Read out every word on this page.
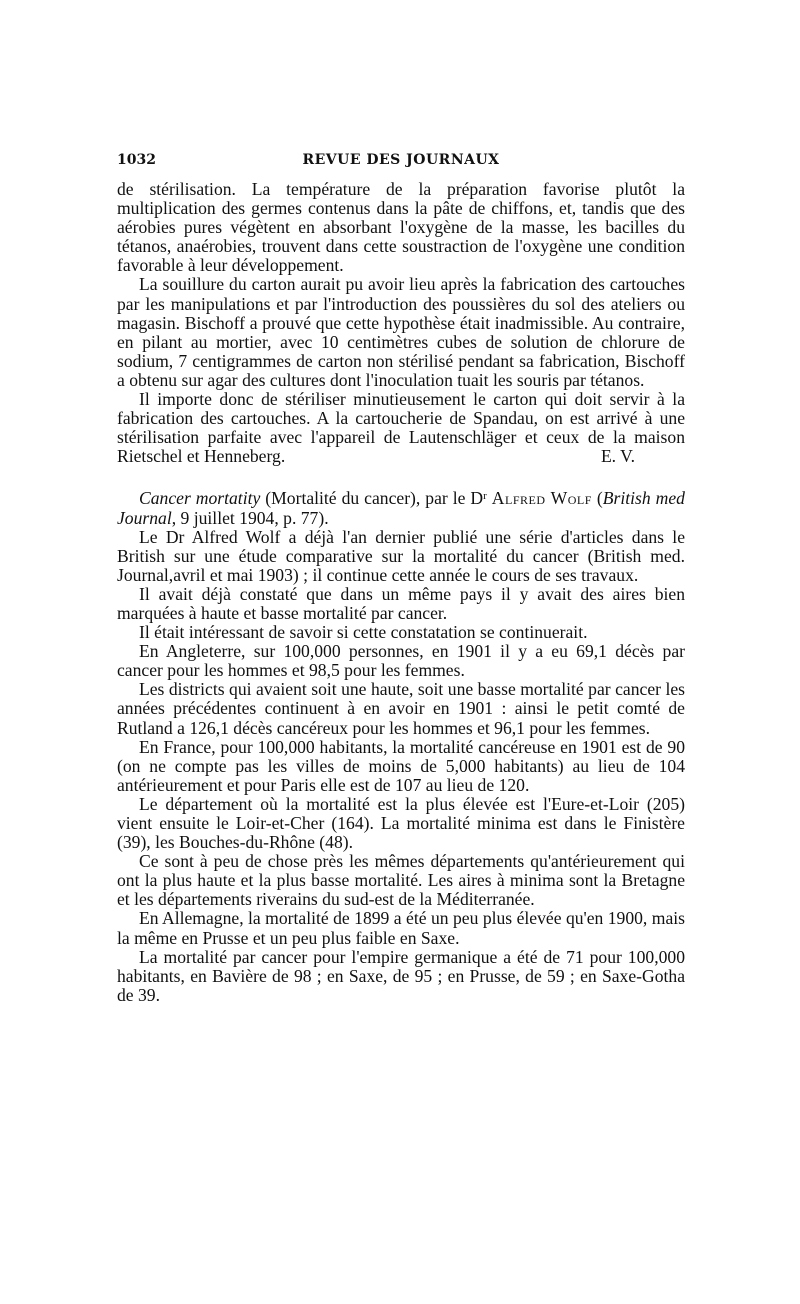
1032	REVUE DES JOURNAUX

de stérilisation. La température de la préparation favorise plutôt la multiplication des germes contenus dans la pâte de chiffons, et, tandis que des aérobies pures végètent en absorbant l'oxygène de la masse, les bacilles du tétanos, anaérobies, trouvent dans cette soustraction de l'oxygène une condition favorable à leur développement.

La souillure du carton aurait pu avoir lieu après la fabrication des cartouches par les manipulations et par l'introduction des poussières du sol des ateliers ou magasin. Bischoff a prouvé que cette hypothèse était inadmissible. Au contraire, en pilant au mortier, avec 10 centimètres cubes de solution de chlorure de sodium, 7 centigrammes de carton non stérilisé pendant sa fabrication, Bischoff a obtenu sur agar des cultures dont l'inoculation tuait les souris par tétanos.

Il importe donc de stériliser minutieusement le carton qui doit servir à la fabrication des cartouches. A la cartoucherie de Spandau, on est arrivé à une stérilisation parfaite avec l'appareil de Lautenschläger et ceux de la maison Rietschel et Henneberg.	E. V.

Cancer mortatity (Mortalité du cancer), par le $D^r$ Alfred Wolf (British med Journal, 9 juillet 1904, p. 77).

Le Dr Alfred Wolf a déjà l'an dernier publié une série d'articles dans le British sur une étude comparative sur la mortalité du cancer (British med. Journal,avril et mai 1903) ; il continue cette année le cours de ses travaux.

Il avait déjà constaté que dans un même pays il y avait des aires bien marquées à haute et basse mortalité par cancer.

Il était intéressant de savoir si cette constatation se continuerait.

En Angleterre, sur 100,000 personnes, en 1901 il y a eu 69,1 décès par cancer pour les hommes et 98,5 pour les femmes.

Les districts qui avaient soit une haute, soit une basse mortalité par cancer les années précédentes continuent à en avoir en 1901 : ainsi le petit comté de Rutland a 126,1 décès cancéreux pour les hommes et 96,1 pour les femmes.

En France, pour 100,000 habitants, la mortalité cancéreuse en 1901 est de 90 (on ne compte pas les villes de moins de 5,000 habitants) au lieu de 104 antérieurement et pour Paris elle est de 107 au lieu de 120.

Le département où la mortalité est la plus élevée est l'Eure-et-Loir (205) vient ensuite le Loir-et-Cher (164). La mortalité minima est dans le Finistère (39), les Bouches-du-Rhône (48).

Ce sont à peu de chose près les mêmes départements qu'antérieurement qui ont la plus haute et la plus basse mortalité. Les aires à minima sont la Bretagne et les départements riverains du sud-est de la Méditerranée.

En Allemagne, la mortalité de 1899 a été un peu plus élevée qu'en 1900, mais la même en Prusse et un peu plus faible en Saxe.

La mortalité par cancer pour l'empire germanique a été de 71 pour 100,000 habitants, en Bavière de 98 ; en Saxe, de 95 ; en Prusse, de 59 ; en Saxe-Gotha de 39.
